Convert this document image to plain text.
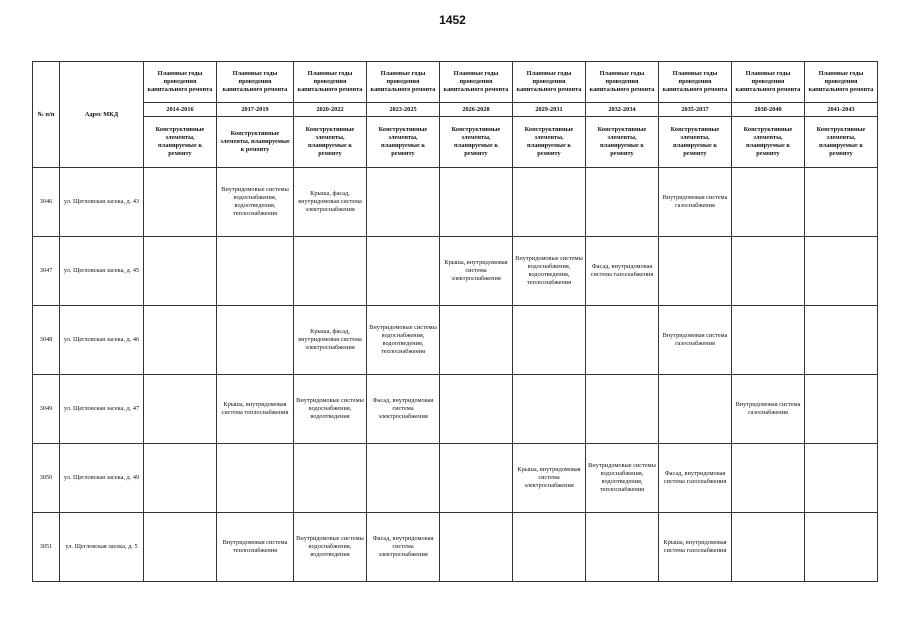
1452
№ п/п	Адрес МКД	Плановые годы проведения капитального ремонта	Плановые годы проведения капитального ремонта	Плановые годы проведения капитального ремонта	Плановые годы проведения капитального ремонта	Плановые годы проведения капитального ремонта	Плановые годы проведения капитального ремонта	Плановые годы проведения капитального ремонта	Плановые годы проведения капитального ремонта	Плановые годы проведения капитального ремонта	Плановые годы проведения капитального ремонта
		2014-2016	2017-2019	2020-2022	2023-2025	2026-2028	2029-2031	2032-2034	2035-2037	2038-2040	2041-2043
		Конструктивные элементы, планируемые к ремонту	Конструктивные элементы, планируемые к ремонту	Конструктивные элементы, планируемые к ремонту	Конструктивные элементы, планируемые к ремонту	Конструктивные элементы, планируемые к ремонту	Конструктивные элементы, планируемые к ремонту	Конструктивные элементы, планируемые к ремонту	Конструктивные элементы, планируемые к ремонту	Конструктивные элементы, планируемые к ремонту	Конструктивные элементы, планируемые к ремонту
3046	ул. Щегловская засека, д. 43		Внутридомовые системы водоснабжения, водоотведения, теплоснабжения	Крыша, фасад, внутридомовая система электроснабжения					Внутридомовая система газоснабжения		
3047	ул. Щегловская засека, д. 45					Крыша, внутридомовая система электроснабжения	Внутридомовые системы водоснабжения, водоотведения, теплоснабжения	Фасад, внутридомовая система газоснабжения			
3048	ул. Щегловская засека, д. 46			Крыша, фасад, внутридомовая система электроснабжения	Внутридомовые системы водоснабжения, водоотведения, теплоснабжения				Внутридомовая система газоснабжения		
3049	ул. Щегловская засека, д. 47		Крыша, внутридомовая система теплоснабжения	Внутридомовые системы водоснабжения, водоотведения	Фасад, внутридомовая система электроснабжения					Внутридомовая система газоснабжения	
3050	ул. Щегловская засека, д. 49						Крыша, внутридомовая система электроснабжения	Внутридомовые системы водоснабжения, водоотведения, теплоснабжения	Фасад, внутридомовая система газоснабжения		
3051	ул. Щегловская засека, д. 5		Внутридомовая система теплоснабжения	Внутридомовые системы водоснабжения, водоотведения	Фасад, внутридомовая система электроснабжения				Крыша, внутридомовая система газоснабжения		
